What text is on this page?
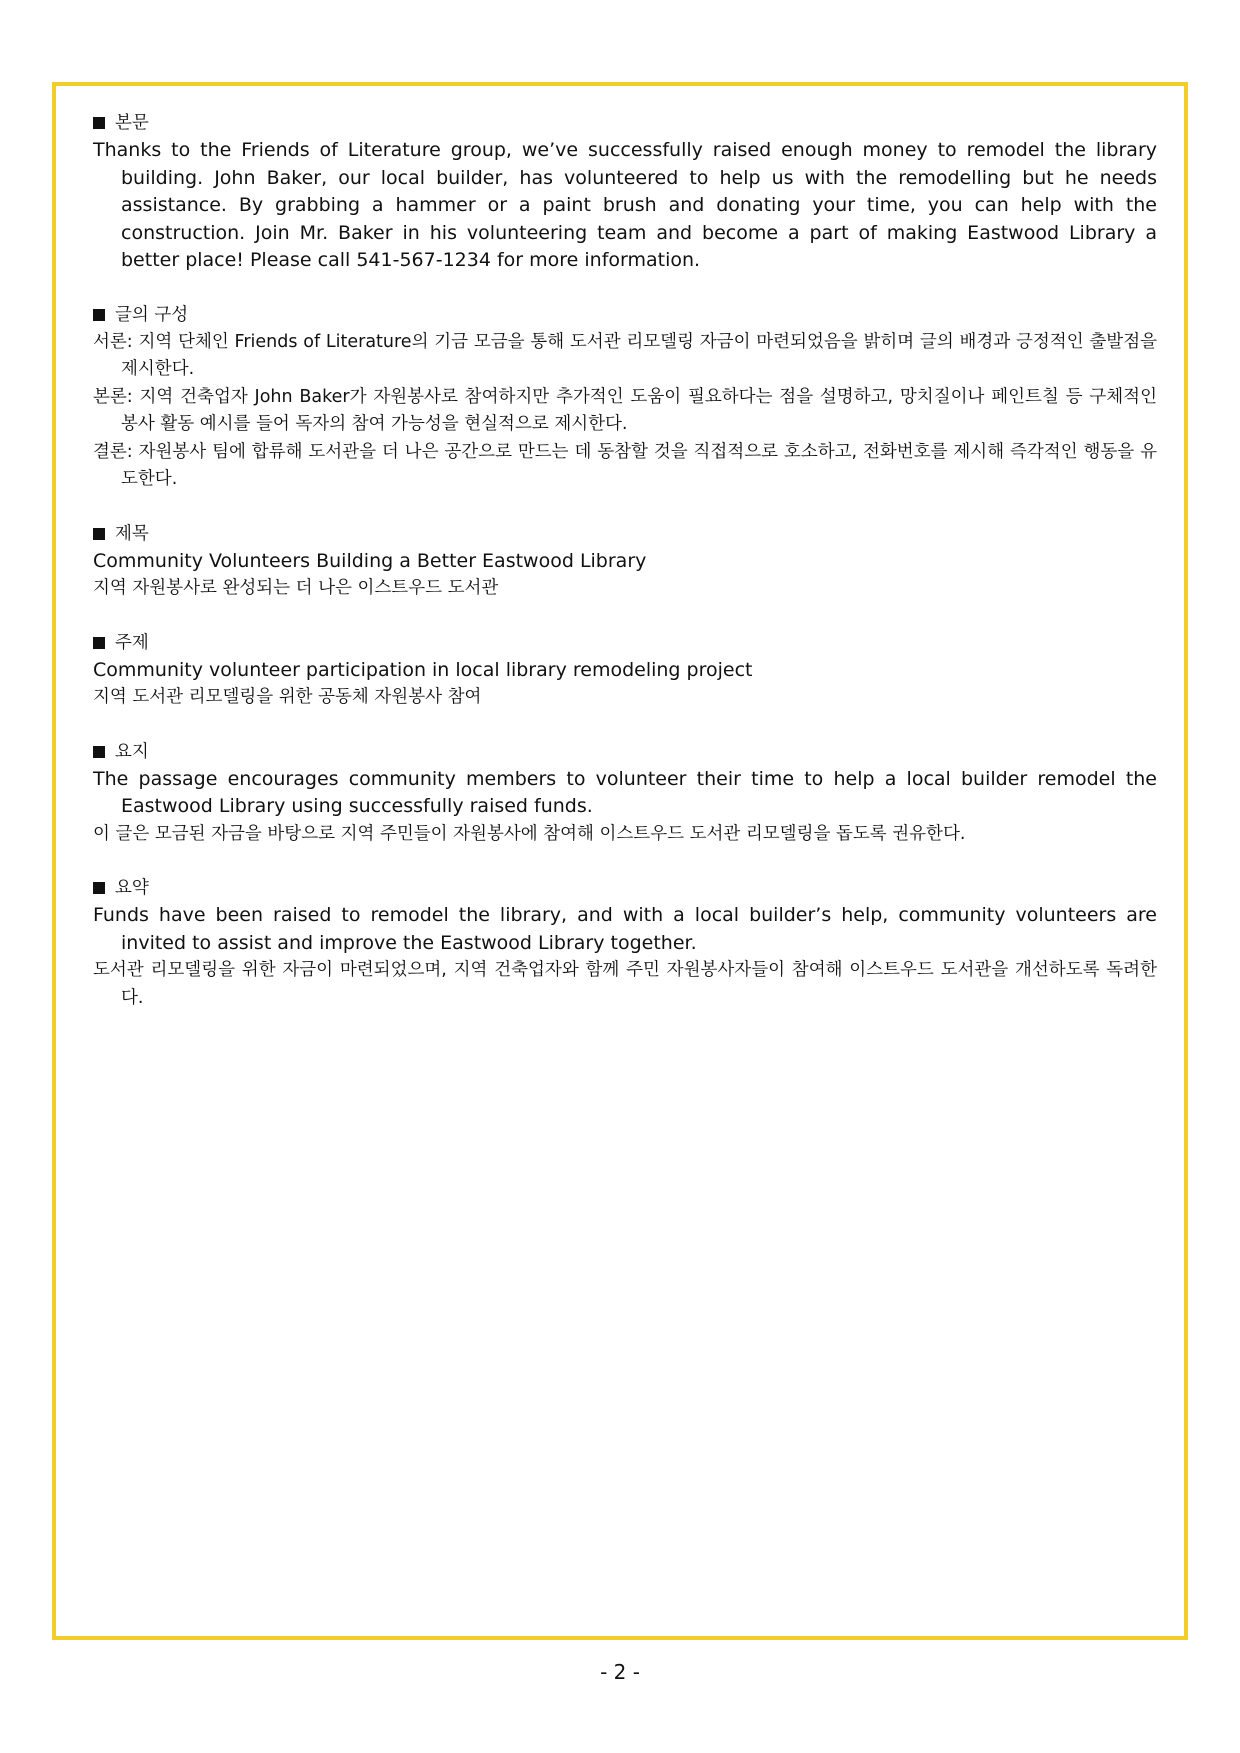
본문
Thanks to the Friends of Literature group, we’ve successfully raised enough money to remodel the library building. John Baker, our local builder, has volunteered to help us with the remodelling but he needs assistance. By grabbing a hammer or a paint brush and donating your time, you can help with the construction. Join Mr. Baker in his volunteering team and become a part of making Eastwood Library a better place! Please call 541-567-1234 for more information.
글의 구성
서론: 지역 단체인 Friends of Literature의 기금 모금을 통해 도서관 리모델링 자금이 마련되었음을 밝히며 글의 배경과 긍정적인 출발점을 제시한다.
본론: 지역 건축업자 John Baker가 자원봉사로 참여하지만 추가적인 도움이 필요하다는 점을 설명하고, 망치질이나 페인트칠 등 구체적인 봉사 활동 예시를 들어 독자의 참여 가능성을 현실적으로 제시한다.
결론: 자원봉사 팀에 합류해 도서관을 더 나은 공간으로 만드는 데 동참할 것을 직접적으로 호소하고, 전화번호를 제시해 즉각적인 행동을 유도한다.
제목
Community Volunteers Building a Better Eastwood Library
지역 자원봉사로 완성되는 더 나은 이스트우드 도서관
주제
Community volunteer participation in local library remodeling project
지역 도서관 리모델링을 위한 공동체 자원봉사 참여
요지
The passage encourages community members to volunteer their time to help a local builder remodel the Eastwood Library using successfully raised funds.
이 글은 모금된 자금을 바탕으로 지역 주민들이 자원봉사에 참여해 이스트우드 도서관 리모델링을 돕도록 권유한다.
요약
Funds have been raised to remodel the library, and with a local builder’s help, community volunteers are invited to assist and improve the Eastwood Library together.
도서관 리모델링을 위한 자금이 마련되었으며, 지역 건축업자와 함께 주민 자원봉사자들이 참여해 이스트우드 도서관을 개선하도록 독려한다.
- 2 -
